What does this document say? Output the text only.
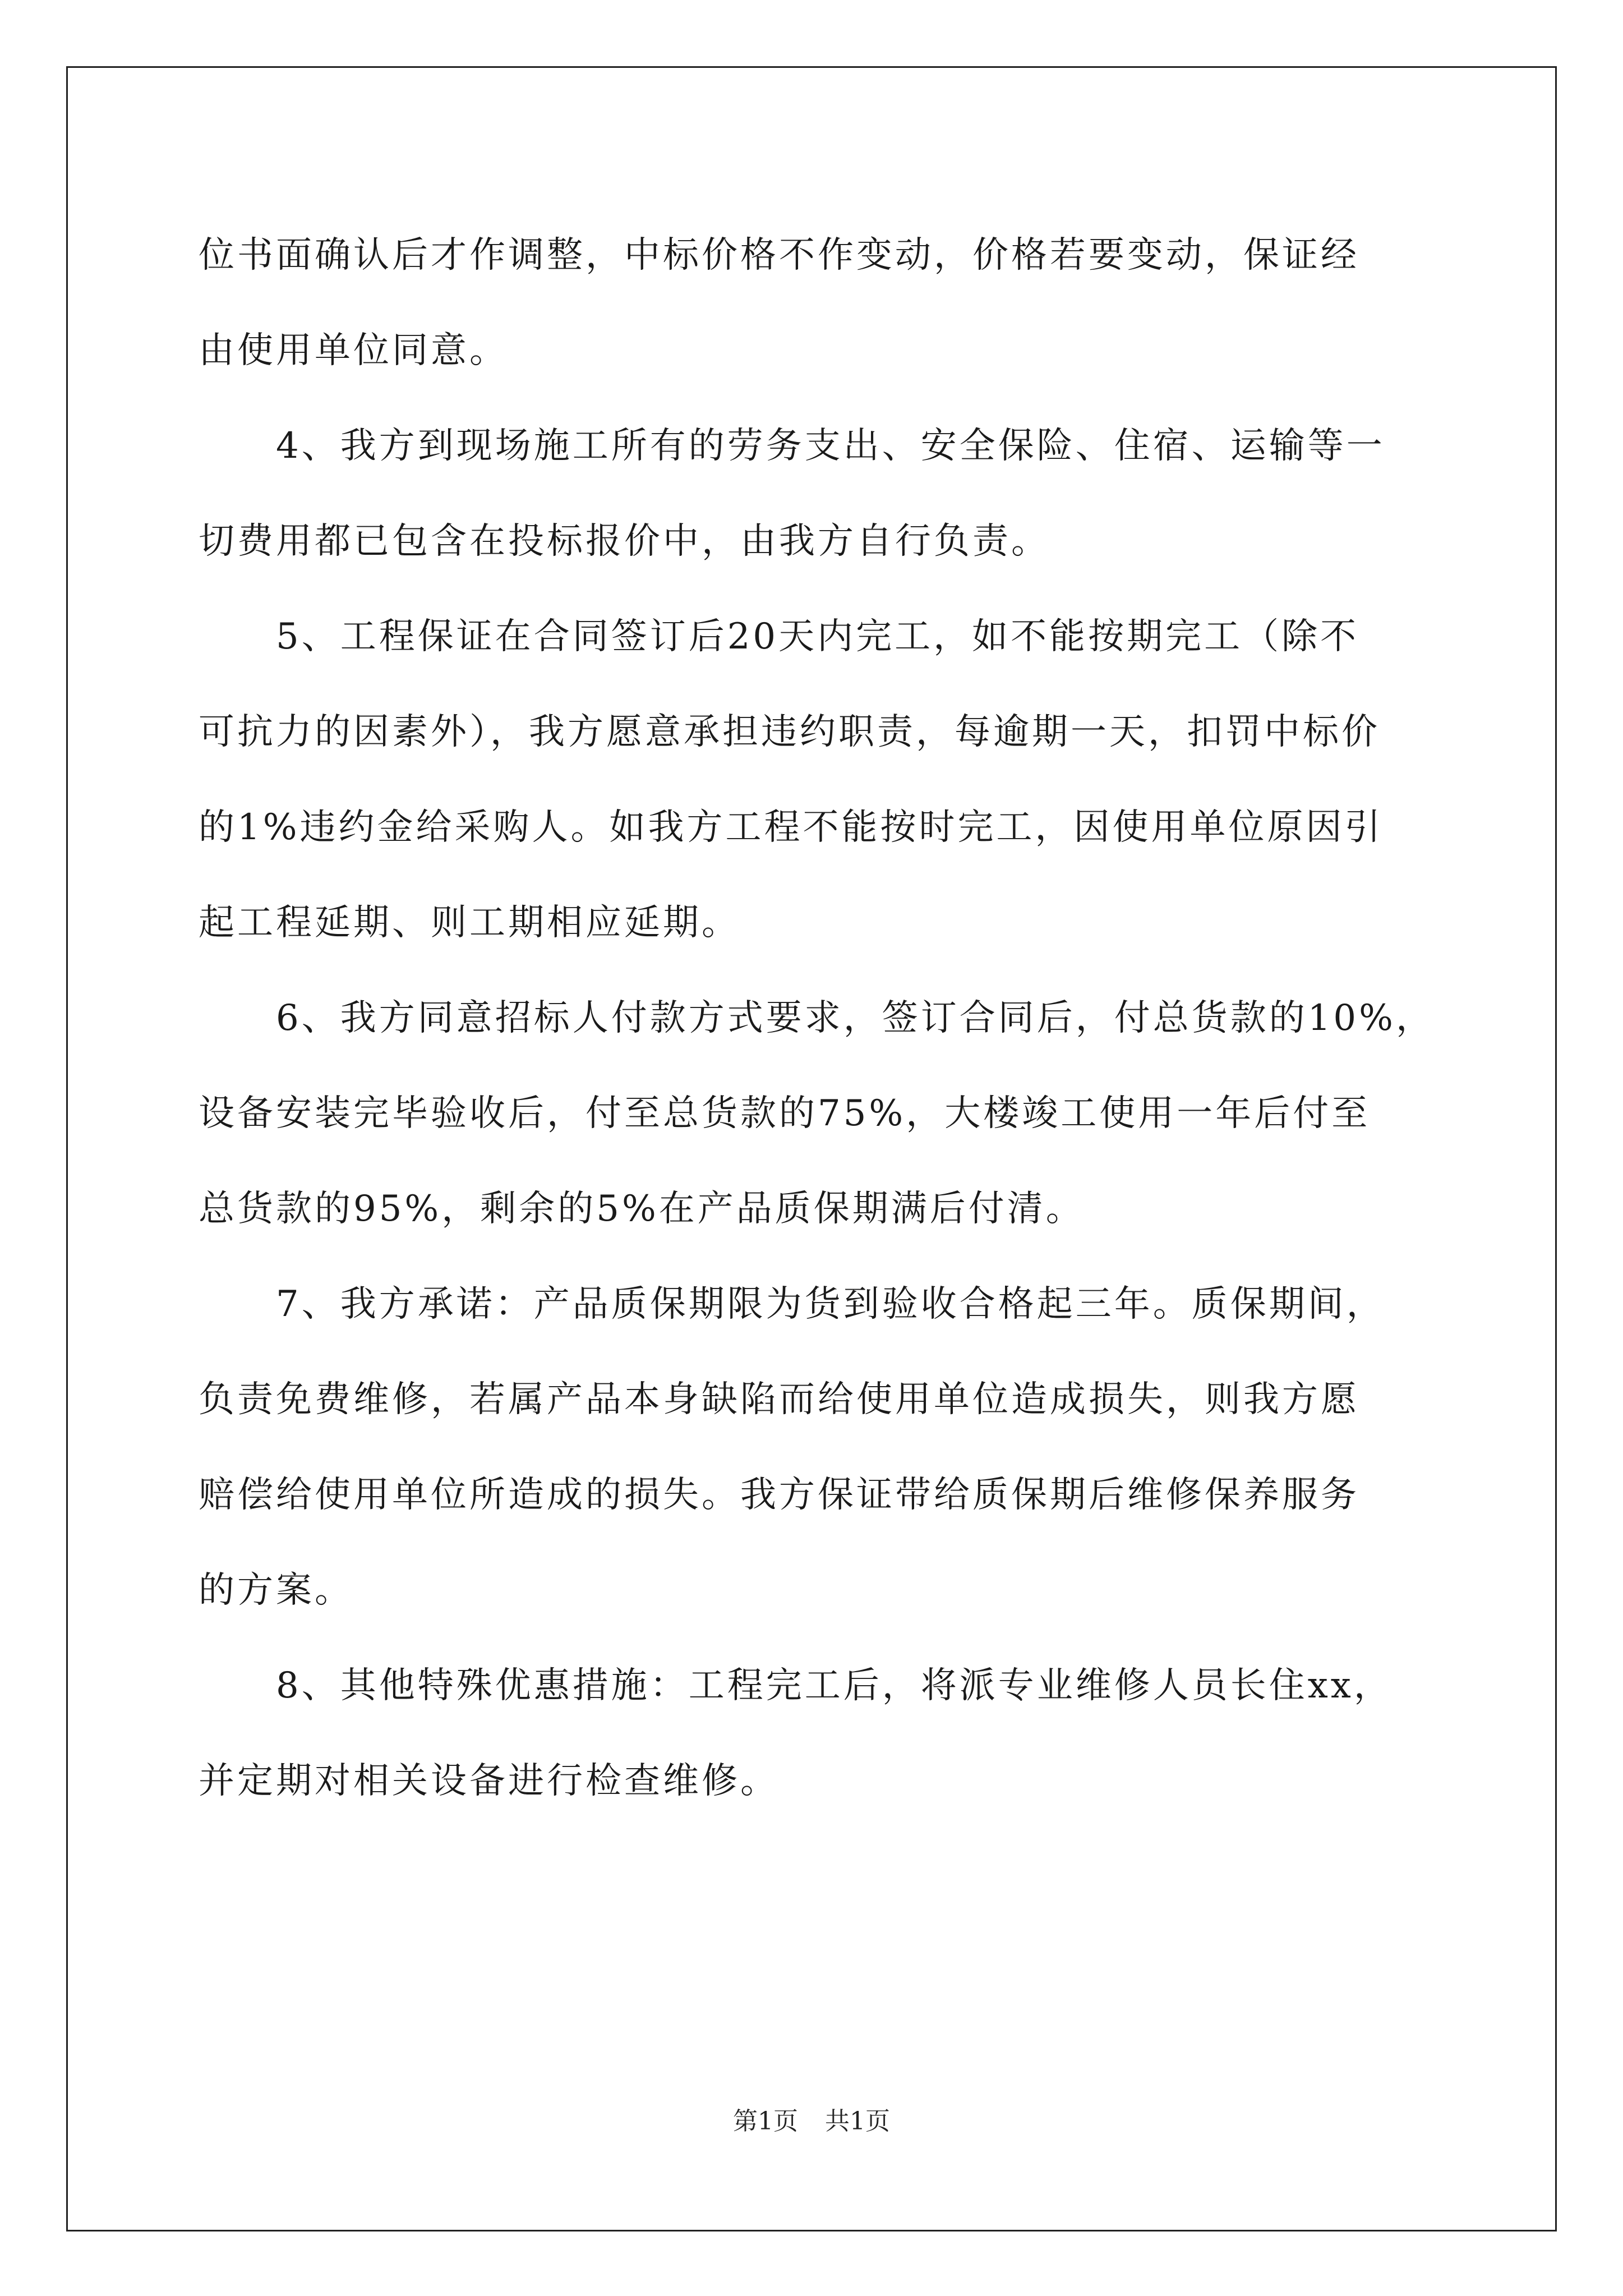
位书面确认后才作调整，中标价格不作变动，价格若要变动，保证经
由使用单位同意。
4、我方到现场施工所有的劳务支出、安全保险、住宿、运输等一
切费用都已包含在投标报价中，由我方自行负责。
5、工程保证在合同签订后20天内完工，如不能按期完工（除不
可抗力的因素外），我方愿意承担违约职责，每逾期一天，扣罚中标价
的1%违约金给采购人。如我方工程不能按时完工，因使用单位原因引
起工程延期、则工期相应延期。
6、我方同意招标人付款方式要求，签订合同后，付总货款的10%，
设备安装完毕验收后，付至总货款的75%，大楼竣工使用一年后付至
总货款的95%，剩余的5%在产品质保期满后付清。
7、我方承诺：产品质保期限为货到验收合格起三年。质保期间，
负责免费维修，若属产品本身缺陷而给使用单位造成损失，则我方愿
赔偿给使用单位所造成的损失。我方保证带给质保期后维修保养服务
的方案。
8、其他特殊优惠措施：工程完工后，将派专业维修人员长住xx，
并定期对相关设备进行检查维修。
第1页 共1页
